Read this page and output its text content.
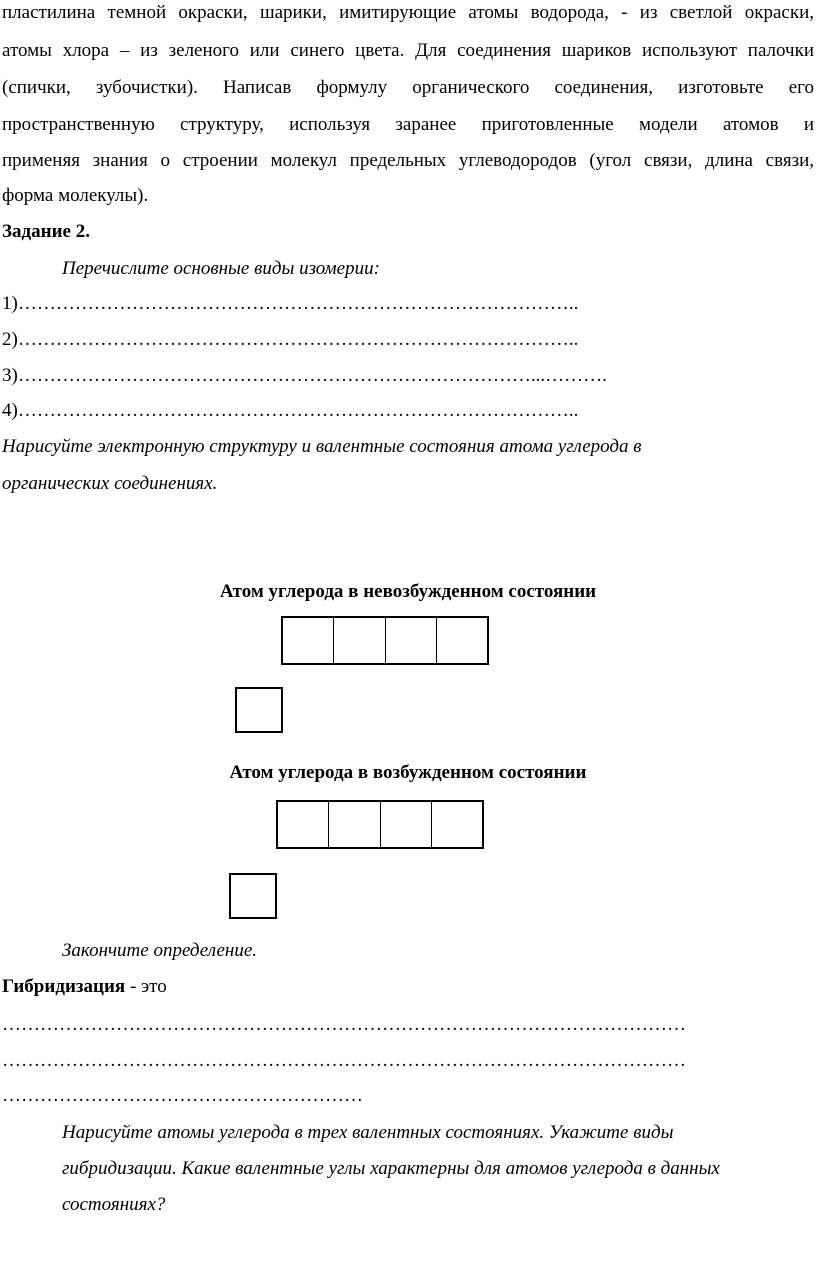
пластилина темной окраски, шарики, имитирующие атомы водорода, - из светлой окраски,
атомы хлора – из зеленого или синего цвета. Для соединения шариков используют палочки
(спички, зубочистки). Написав формулу органического соединения, изготовьте его
пространственную структуру, используя заранее приготовленные модели атомов и
применяя знания о строении молекул предельных углеводородов (угол связи, длина связи,
форма молекулы).
Задание 2.
Перечислите основные виды изомерии:
1)……………………………………………………………………………..
2)……………………………………………………………………………..
3)………………………………………………………………………...……….
4)……………………………………………………………………………..
Нарисуйте электронную структуру и валентные состояния атома углерода в
органических соединениях.
Атом углерода в невозбужденном состоянии
Атом углерода в возбужденном состоянии
Закончите определение.
Гибридизация - это
………………………………………………………………………………………………
………………………………………………………………………………………………
…………………………………………………
Нарисуйте атомы углерода в трех валентных состояниях. Укажите виды
гибридизации. Какие валентные углы характерны для атомов углерода в данных
состояниях?
